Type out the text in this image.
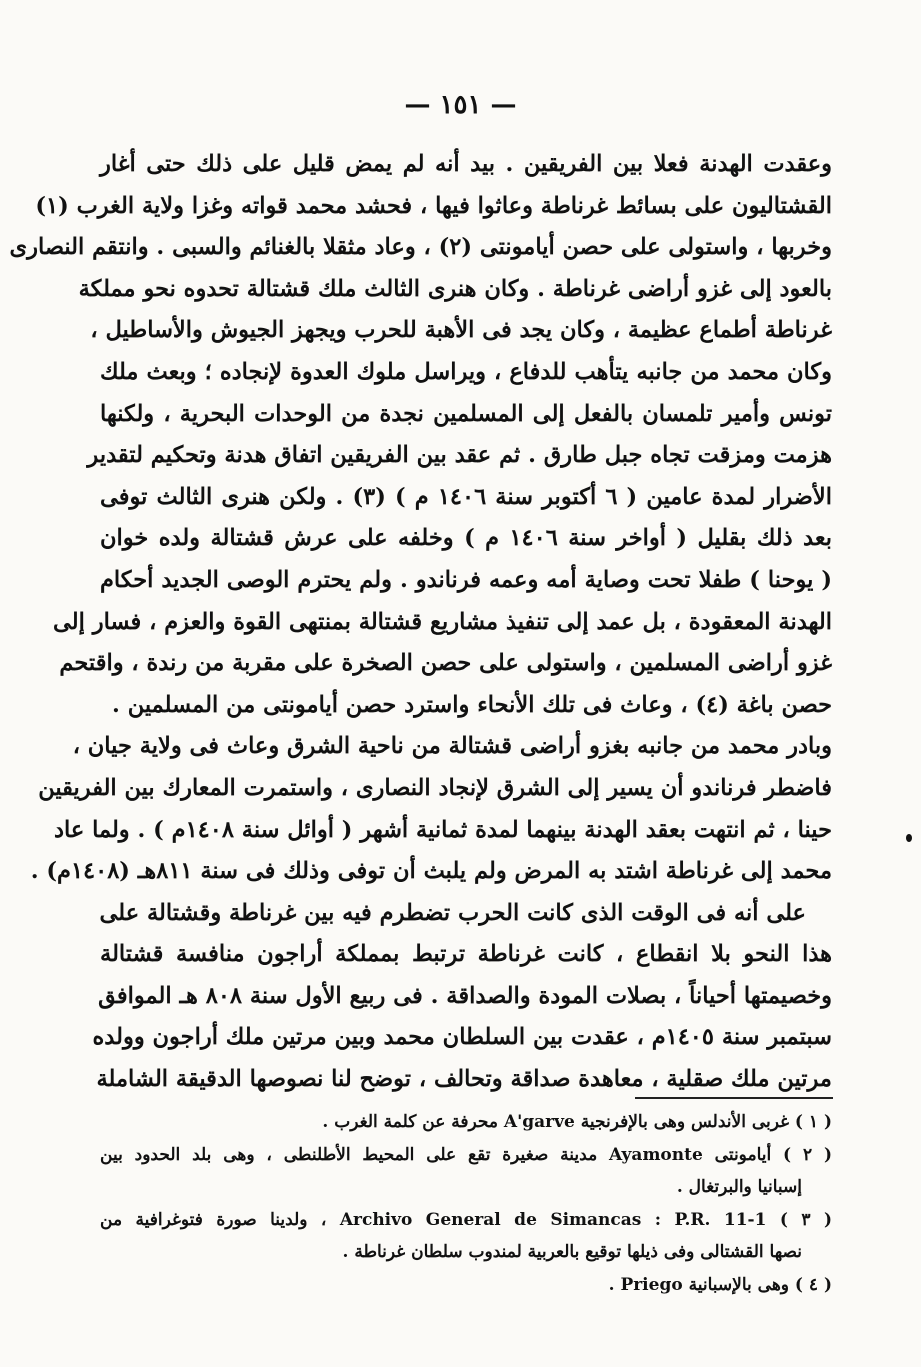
— ١٥١ —
وعقدت الهدنة فعلا بين الفريقين . بيد أنه لم يمض قليل على ذلك حتى أغار
القشتاليون على بسائط غرناطة وعاثوا فيها ، فحشد محمد قواته وغزا ولاية الغرب (١)
وخربها ، واستولى على حصن أيامونتى (٢) ، وعاد مثقلا بالغنائم والسبى . وانتقم النصارى
بالعود إلى غزو أراضى غرناطة . وكان هنرى الثالث ملك قشتالة تحدوه نحو مملكة
غرناطة أطماع عظيمة ، وكان يجد فى الأهبة للحرب ويجهز الجيوش والأساطيل ،
وكان محمد من جانبه يتأهب للدفاع ، ويراسل ملوك العدوة لإنجاده ؛ وبعث ملك
تونس وأمير تلمسان بالفعل إلى المسلمين نجدة من الوحدات البحرية ، ولكنها
هزمت ومزقت تجاه جبل طارق . ثم عقد بين الفريقين اتفاق هدنة وتحكيم لتقدير
الأضرار لمدة عامين ( ٦ أكتوبر سنة ١٤٠٦ م ) (٣) . ولكن هنرى الثالث توفى
بعد ذلك بقليل ( أواخر سنة ١٤٠٦ م ) وخلفه على عرش قشتالة ولده خوان
( يوحنا ) طفلا تحت وصاية أمه وعمه فرناندو . ولم يحترم الوصى الجديد أحكام
الهدنة المعقودة ، بل عمد إلى تنفيذ مشاريع قشتالة بمنتهى القوة والعزم ، فسار إلى
غزو أراضى المسلمين ، واستولى على حصن الصخرة على مقربة من رندة ، واقتحم
حصن باغة (٤) ، وعاث فى تلك الأنحاء واسترد حصن أيامونتى من المسلمين .
وبادر محمد من جانبه بغزو أراضى قشتالة من ناحية الشرق وعاث فى ولاية جيان ،
فاضطر فرناندو أن يسير إلى الشرق لإنجاد النصارى ، واستمرت المعارك بين الفريقين
حينا ، ثم انتهت بعقد الهدنة بينهما لمدة ثمانية أشهر ( أوائل سنة ١٤٠٨م ) . ولما عاد
محمد إلى غرناطة اشتد به المرض ولم يلبث أن توفى وذلك فى سنة ٨١١هـ (١٤٠٨م) .
على أنه فى الوقت الذى كانت الحرب تضطرم فيه بين غرناطة وقشتالة على
هذا النحو بلا انقطاع ، كانت غرناطة ترتبط بمملكة أراجون منافسة قشتالة
وخصيمتها أحياناً ، بصلات المودة والصداقة . فى ربيع الأول سنة ٨٠٨ هـ الموافق
سبتمبر سنة ١٤٠٥م ، عقدت بين السلطان محمد وبين مرتين ملك أراجون وولده
مرتين ملك صقلية ، معاهدة صداقة وتحالف ، توضح لنا نصوصها الدقيقة الشاملة
( ١ ) غربى الأندلس وهى بالإفرنجية A'garve محرفة عن كلمة الغرب .
( ٢ ) أيامونتى Ayamonte مدينة صغيرة تقع على المحيط الأطلنطى ، وهى بلد الحدود بين
إسبانيا والبرتغال .
( ٣ ) Archivo General de Simancas : P.R. 11-1 ، ولدينا صورة فتوغرافية من
نصها القشتالى وفى ذيلها توقيع بالعربية لمندوب سلطان غرناطة .
( ٤ ) وهى بالإسبانية Priego .
